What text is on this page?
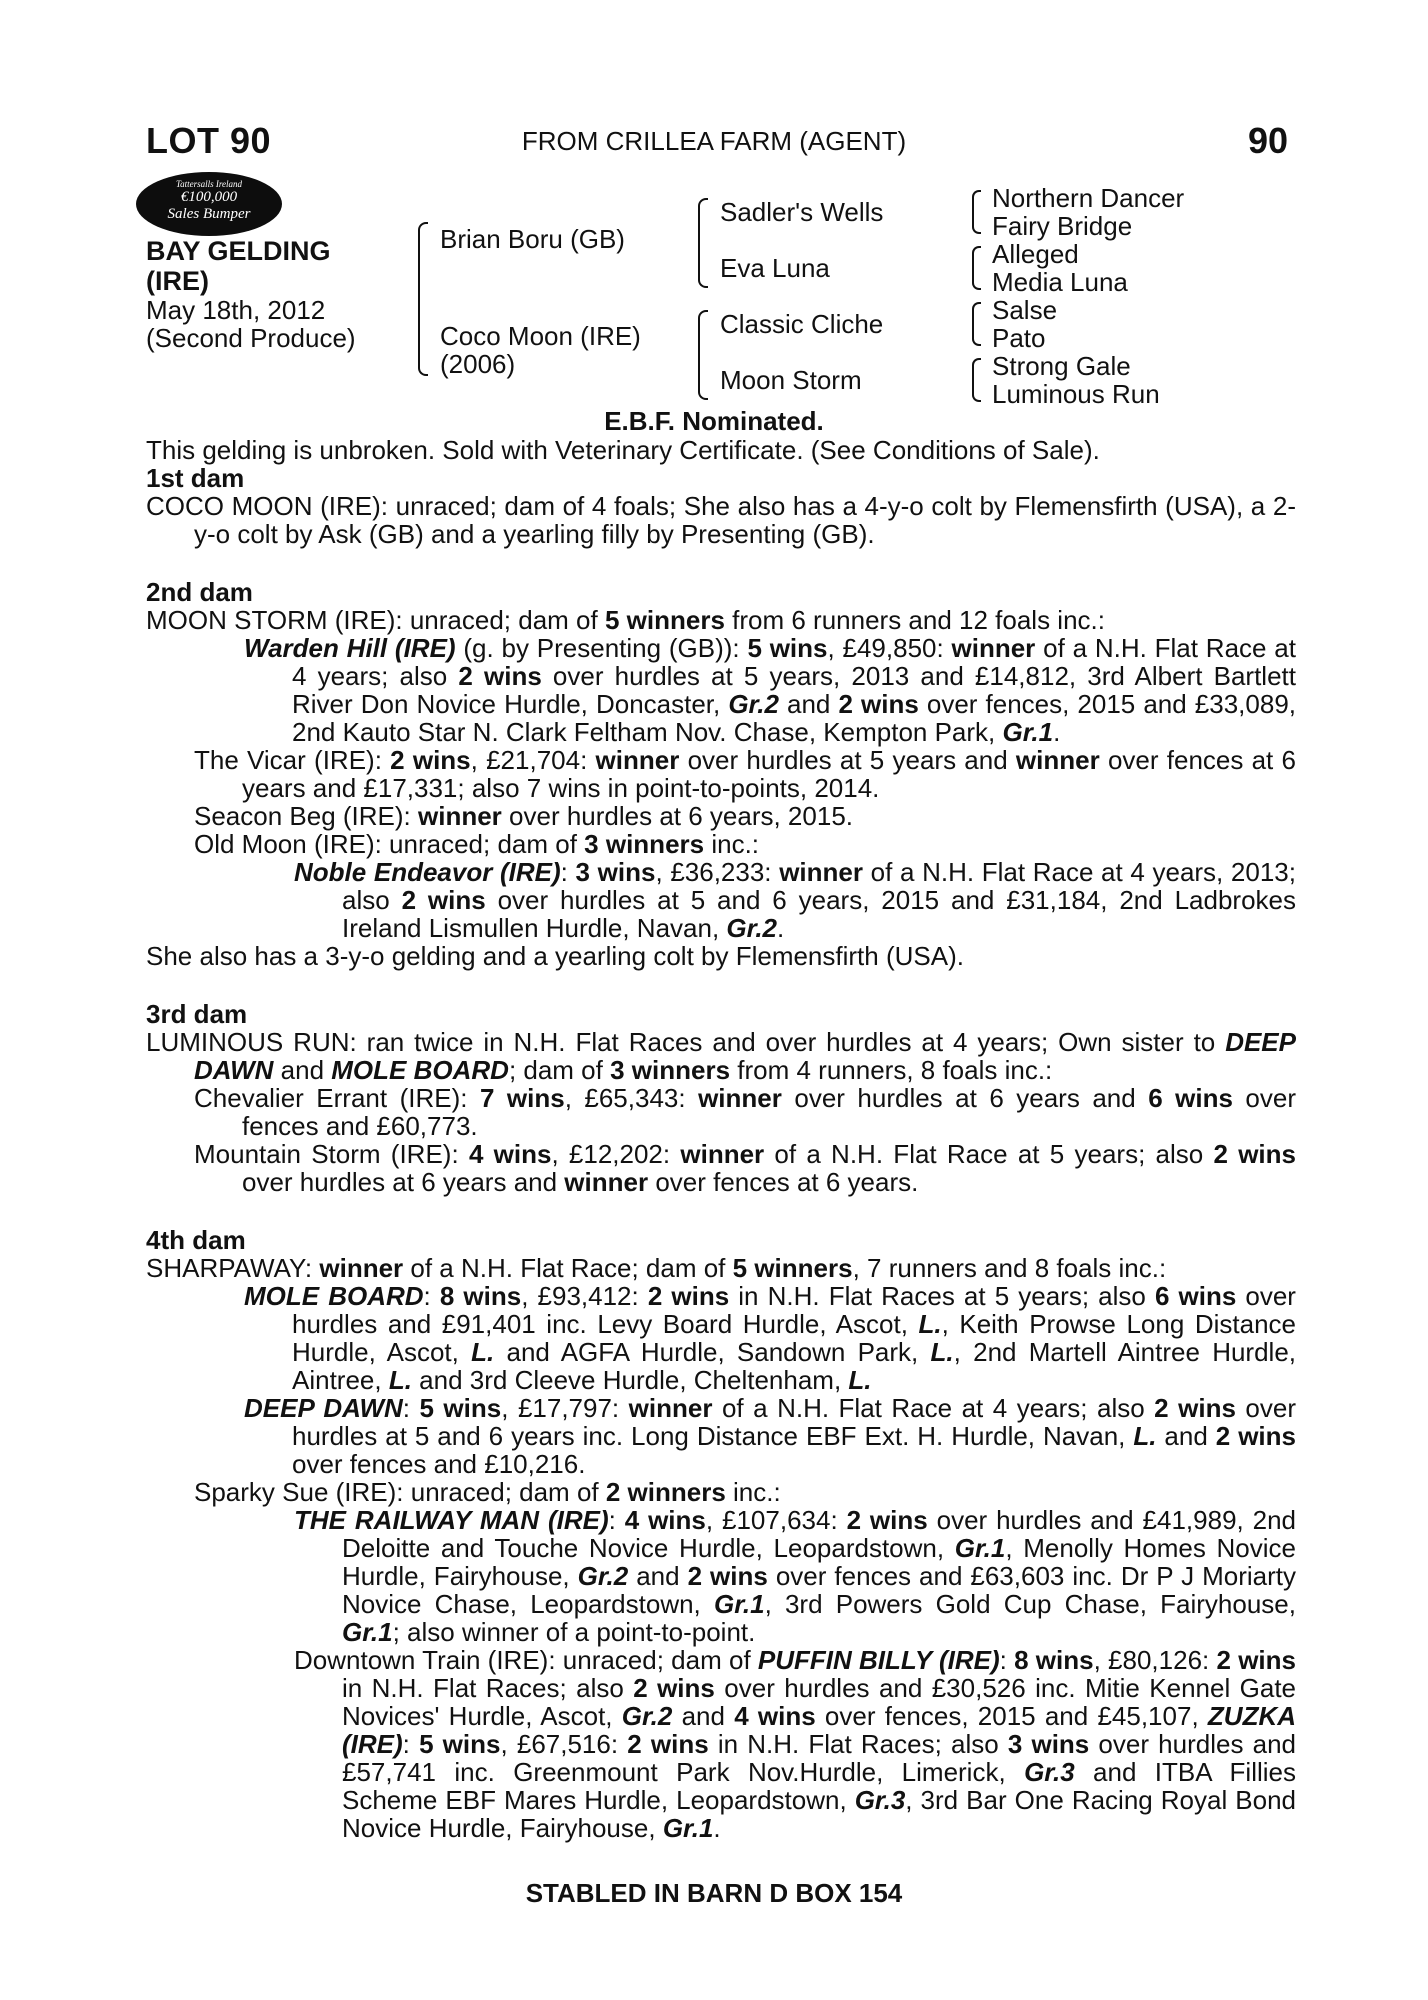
LOT 90	FROM CRILLEA FARM (AGENT)	90
Tattersalls Ireland
€100,000
Sales Bumper
BAY GELDING
(IRE)
May 18th, 2012
(Second Produce)
Brian Boru (GB)
Coco Moon (IRE)
(2006)
Sadler's Wells
Eva Luna
Classic Cliche
Moon Storm
Northern Dancer
Fairy Bridge
Alleged
Media Luna
Salse
Pato
Strong Gale
Luminous Run
E.B.F. Nominated.

This gelding is unbroken. Sold with Veterinary Certificate. (See Conditions of Sale).

1st dam

COCO MOON (IRE): unraced; dam of 4 foals; She also has a 4-y-o colt by Flemensfirth (USA), a 2-y-o colt by Ask (GB) and a yearling filly by Presenting (GB).

2nd dam

MOON STORM (IRE): unraced; dam of 5 winners from 6 runners and 12 foals inc.:

Warden Hill (IRE) (g. by Presenting (GB)): 5 wins, £49,850: winner of a N.H. Flat Race at 4 years; also 2 wins over hurdles at 5 years, 2013 and £14,812, 3rd Albert Bartlett River Don Novice Hurdle, Doncaster, Gr.2 and 2 wins over fences, 2015 and £33,089, 2nd Kauto Star N. Clark Feltham Nov. Chase, Kempton Park, Gr.1.

The Vicar (IRE): 2 wins, £21,704: winner over hurdles at 5 years and winner over fences at 6 years and £17,331; also 7 wins in point-to-points, 2014.

Seacon Beg (IRE): winner over hurdles at 6 years, 2015.

Old Moon (IRE): unraced; dam of 3 winners inc.:

Noble Endeavor (IRE): 3 wins, £36,233: winner of a N.H. Flat Race at 4 years, 2013; also 2 wins over hurdles at 5 and 6 years, 2015 and £31,184, 2nd Ladbrokes Ireland Lismullen Hurdle, Navan, Gr.2.

She also has a 3-y-o gelding and a yearling colt by Flemensfirth (USA).

3rd dam

LUMINOUS RUN: ran twice in N.H. Flat Races and over hurdles at 4 years; Own sister to DEEP DAWN and MOLE BOARD; dam of 3 winners from 4 runners, 8 foals inc.:

Chevalier Errant (IRE): 7 wins, £65,343: winner over hurdles at 6 years and 6 wins over fences and £60,773.

Mountain Storm (IRE): 4 wins, £12,202: winner of a N.H. Flat Race at 5 years; also 2 wins over hurdles at 6 years and winner over fences at 6 years.

4th dam

SHARPAWAY: winner of a N.H. Flat Race; dam of 5 winners, 7 runners and 8 foals inc.:

MOLE BOARD: 8 wins, £93,412: 2 wins in N.H. Flat Races at 5 years; also 6 wins over hurdles and £91,401 inc. Levy Board Hurdle, Ascot, L., Keith Prowse Long Distance Hurdle, Ascot, L. and AGFA Hurdle, Sandown Park, L., 2nd Martell Aintree Hurdle, Aintree, L. and 3rd Cleeve Hurdle, Cheltenham, L.

DEEP DAWN: 5 wins, £17,797: winner of a N.H. Flat Race at 4 years; also 2 wins over hurdles at 5 and 6 years inc. Long Distance EBF Ext. H. Hurdle, Navan, L. and 2 wins over fences and £10,216.

Sparky Sue (IRE): unraced; dam of 2 winners inc.:

THE RAILWAY MAN (IRE): 4 wins, £107,634: 2 wins over hurdles and £41,989, 2nd Deloitte and Touche Novice Hurdle, Leopardstown, Gr.1, Menolly Homes Novice Hurdle, Fairyhouse, Gr.2 and 2 wins over fences and £63,603 inc. Dr P J Moriarty Novice Chase, Leopardstown, Gr.1, 3rd Powers Gold Cup Chase, Fairyhouse, Gr.1; also winner of a point-to-point.

Downtown Train (IRE): unraced; dam of PUFFIN BILLY (IRE): 8 wins, £80,126: 2 wins in N.H. Flat Races; also 2 wins over hurdles and £30,526 inc. Mitie Kennel Gate Novices' Hurdle, Ascot, Gr.2 and 4 wins over fences, 2015 and £45,107, ZUZKA (IRE): 5 wins, £67,516: 2 wins in N.H. Flat Races; also 3 wins over hurdles and £57,741 inc. Greenmount Park Nov.Hurdle, Limerick, Gr.3 and ITBA Fillies Scheme EBF Mares Hurdle, Leopardstown, Gr.3, 3rd Bar One Racing Royal Bond Novice Hurdle, Fairyhouse, Gr.1.

STABLED IN BARN D BOX 154
